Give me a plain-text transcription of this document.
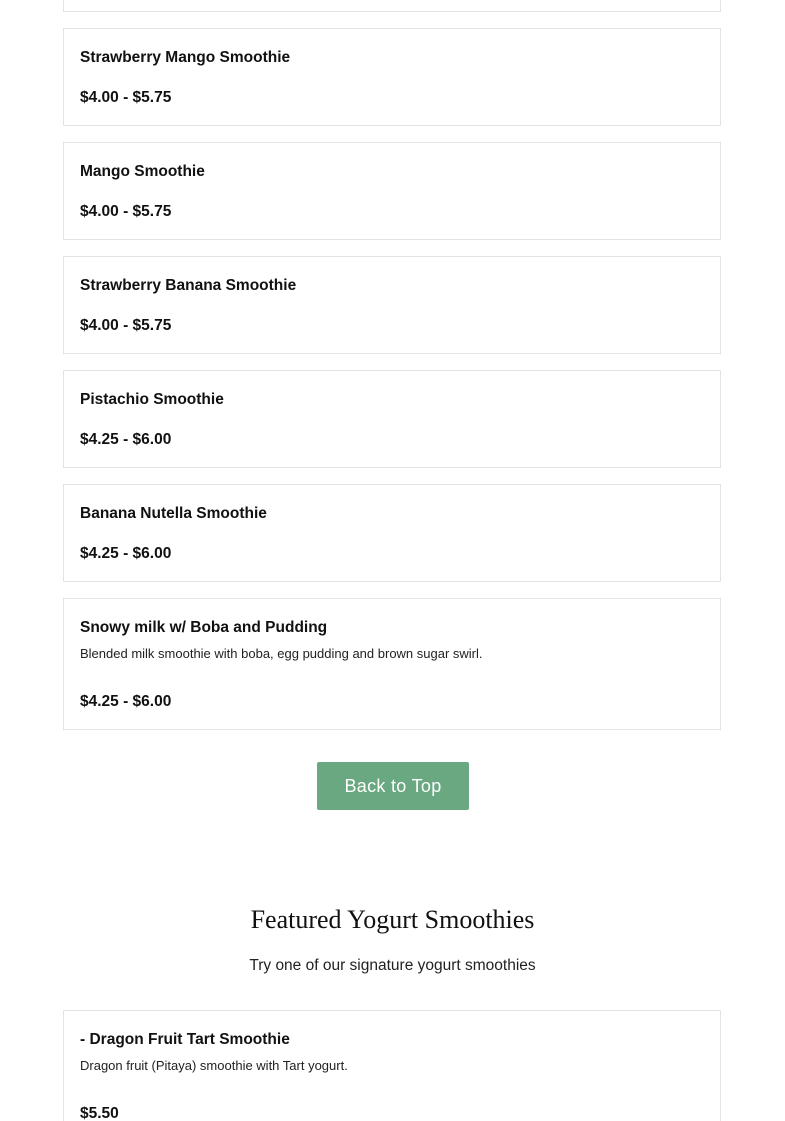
Strawberry Mango Smoothie
$4.00 - $5.75
Mango Smoothie
$4.00 - $5.75
Strawberry Banana Smoothie
$4.00 - $5.75
Pistachio Smoothie
$4.25 - $6.00
Banana Nutella Smoothie
$4.25 - $6.00
Snowy milk w/ Boba and Pudding
Blended milk smoothie with boba, egg pudding and brown sugar swirl.
$4.25 - $6.00
Back to Top
Featured Yogurt Smoothies
Try one of our signature yogurt smoothies
- Dragon Fruit Tart Smoothie
Dragon fruit (Pitaya) smoothie with Tart yogurt.
$5.50
